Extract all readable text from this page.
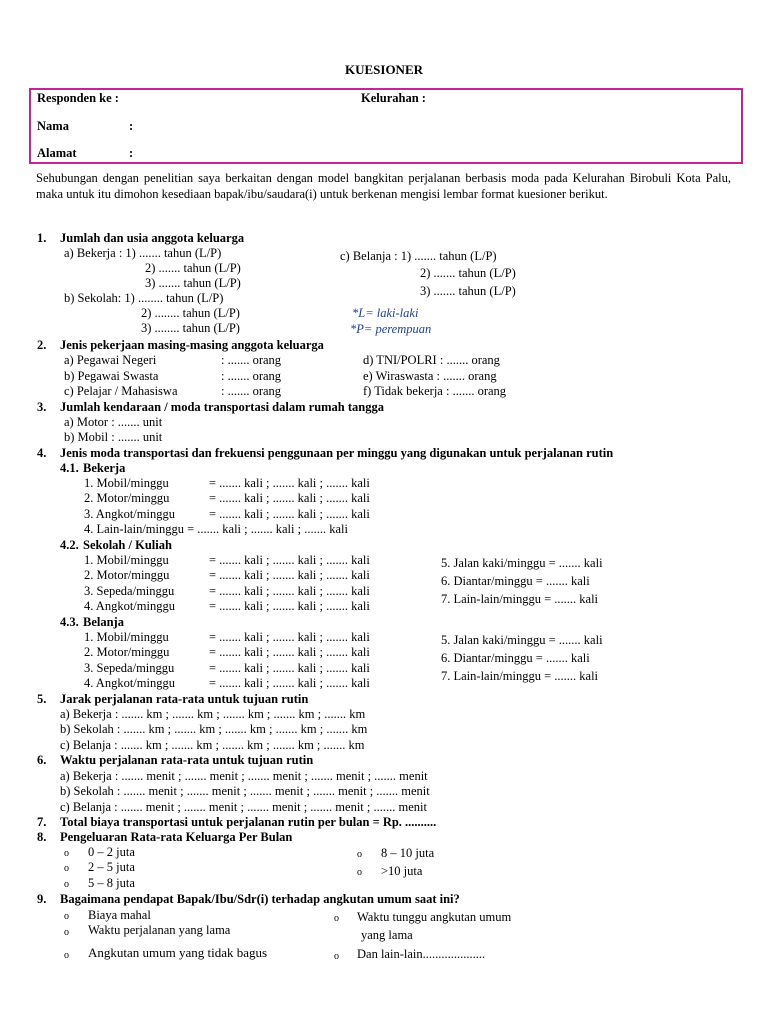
KUESIONER
Responden ke :	Kelurahan :
Nama	:
Alamat	:
Sehubungan dengan penelitian saya berkaitan dengan model bangkitan perjalanan berbasis moda pada Kelurahan Birobuli Kota Palu, maka untuk itu dimohon kesediaan bapak/ibu/saudara(i) untuk berkenan mengisi lembar format kuesioner berikut.
1. Jumlah dan usia anggota keluarga
a) Bekerja : 1) ....... tahun (L/P)
2) ....... tahun (L/P)
3) ....... tahun (L/P)
b) Sekolah: 1) ........ tahun (L/P)
2) ........ tahun (L/P)
3) ........ tahun (L/P)
c) Belanja : 1) ....... tahun (L/P)
2) ....... tahun (L/P)
3) ....... tahun (L/P)
*L= laki-laki
*P= perempuan
2. Jenis pekerjaan masing-masing anggota keluarga
a) Pegawai Negeri	: ....... orang
b) Pegawai Swasta	: ....... orang
c) Pelajar / Mahasiswa	: ....... orang
d) TNI/POLRI : ....... orang
e) Wiraswasta : ....... orang
f) Tidak bekerja : ....... orang
3. Jumlah kendaraan / moda transportasi dalam rumah tangga
a) Motor : ....... unit
b) Mobil : ....... unit
4. Jenis moda transportasi dan frekuensi penggunaan per minggu yang digunakan untuk perjalanan rutin
4.1. Bekerja
1. Mobil/minggu	= ....... kali ; ....... kali ; ....... kali
2. Motor/minggu	= ....... kali ; ....... kali ; ....... kali
3. Angkot/minggu	= ....... kali ; ....... kali ; ....... kali
4. Lain-lain/minggu = ....... kali ; ....... kali ; ....... kali
4.2. Sekolah / Kuliah
1. Mobil/minggu	= ....... kali ; ....... kali ; ....... kali
2. Motor/minggu	= ....... kali ; ....... kali ; ....... kali
3. Sepeda/minggu	= ....... kali ; ....... kali ; ....... kali
4. Angkot/minggu	= ....... kali ; ....... kali ; ....... kali
5. Jalan kaki/minggu = ....... kali
6. Diantar/minggu = ....... kali
7. Lain-lain/minggu = ....... kali
4.3. Belanja
1. Mobil/minggu	= ....... kali ; ....... kali ; ....... kali
2. Motor/minggu	= ....... kali ; ....... kali ; ....... kali
3. Sepeda/minggu	= ....... kali ; ....... kali ; ....... kali
4. Angkot/minggu	= ....... kali ; ....... kali ; ....... kali
5. Jalan kaki/minggu = ....... kali
6. Diantar/minggu = ....... kali
7. Lain-lain/minggu = ....... kali
5. Jarak perjalanan rata-rata untuk tujuan rutin
a) Bekerja : ....... km ; ....... km ; ....... km ; ....... km ; ....... km
b) Sekolah : ....... km ; ....... km ; ....... km ; ....... km ; ....... km
c) Belanja : ....... km ; ....... km ; ....... km ; ....... km ; ....... km
6. Waktu perjalanan rata-rata untuk tujuan rutin
a) Bekerja : ....... menit ; ....... menit ; ....... menit ; ....... menit ; ....... menit
b) Sekolah : ....... menit ; ....... menit ; ....... menit ; ....... menit ; ....... menit
c) Belanja : ....... menit ; ....... menit ; ....... menit ; ....... menit ; ....... menit
7. Total biaya transportasi untuk perjalanan rutin per bulan = Rp. ..........
8. Pengeluaran Rata-rata Keluarga Per Bulan
o 0 – 2 juta
o 2 – 5 juta
o 5 – 8 juta
o 8 – 10 juta
o >10 juta
9. Bagaimana pendapat Bapak/Ibu/Sdr(i) terhadap angkutan umum saat ini?
o Biaya mahal
o Waktu perjalanan yang lama
o Angkutan umum yang tidak bagus
o Waktu tunggu angkutan umum
yang lama
o Dan lain-lain....................
